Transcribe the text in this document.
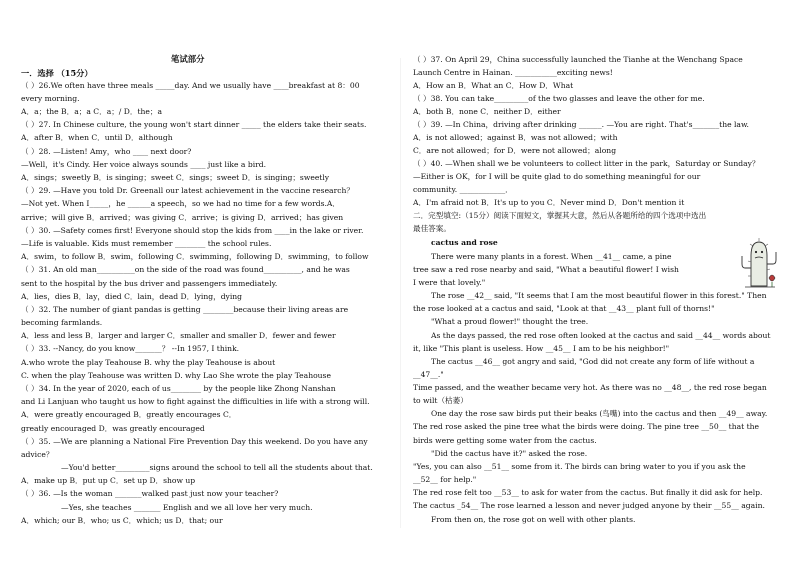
笔试部分
一．选择 （15分）
（ ）26.We often have three meals _____day. And we usually have ____breakfast at 8：00
every morning.
A．a；the B．a；a C．a；/ D．the；a
（ ）27. In Chinese culture, the young won't start dinner _____ the elders take their seats.
A．after B．when C．until D．although
（ ）28. —Listen! Amy，who ____ next door?
—Well，it's Cindy. Her voice always sounds ____ just like a bird.
A．sings；sweetly B．is singing；sweet C．sings；sweet D．is singing；sweetly
（ ）29. —Have you told Dr. Greenall our latest achievement in the vaccine research？
—Not yet. When I_____，he ______a speech，so we had no time for a few words.A．
arrive；will give B．arrived；was giving C．arrive；is giving D．arrived；has given
（ ）30. —Safety comes first! Everyone should stop the kids from ____in the lake or river.
—Life is valuable. Kids must remember ________ the school rules.
A．swim，to follow B．swim，following C．swimming，following D．swimming，to follow
（ ）31. An old man__________on the side of the road was found__________, and he was
sent to the hospital by the bus driver and passengers immediately.
A．lies，dies B．lay，died C．lain，dead D．lying，dying
（ ）32. The number of giant pandas is getting ________because their living areas are
becoming farmlands.
A．less and less B．larger and larger C．smaller and smaller D．fewer and fewer
（ ）33. --Nancy, do you know_______？ --In 1957, I think.
A.who wrote the play Teahouse B. why the play Teahouse is about
C. when the play Teahouse was written D. why Lao She wrote the play Teahouse
（ ）34. In the year of 2020, each of us________ by the people like Zhong Nanshan
and Li Lanjuan who taught us how to fight against the difficulties in life with a strong will.
A．were greatly encouraged B．greatly encourages C．
greatly encouraged D．was greatly encouraged
（ ）35. —We are planning a National Fire Prevention Day this weekend. Do you have any
advice？
—You'd better_________signs around the school to tell all the students about that.
A．make up B．put up C．set up D．show up
（ ）36. —Is the woman _______walked past just now your teacher?
—Yes, she teaches _______ English and we all love her very much.
A．which; our B．who; us C．which; us D．that; our
（ ）37. On April 29，China successfully launched the Tianhe at the Wenchang Space
Launch Centre in Hainan. ___________exciting news!
A．How an B．What an C．How D．What
（ ）38. You can take_________of the two glasses and leave the other for me.
A．both B．none C．neither D．either
（ ）39. —In China，driving after drinking ______. —You are right. That's_______the law.
A．is not allowed；against B．was not allowed；with
C．are not allowed；for D．were not allowed；along
（ ）40. —When shall we be volunteers to collect litter in the park，Saturday or Sunday？
—Either is OK，for I will be quite glad to do something meaningful for our
community. ____________．
A．I'm afraid not B．It's up to you C．Never mind D．Don't mention it
二．完型填空:（15分）阅读下面短文，掌握其大意，然后从各题所给的四个选项中选出
最佳答案。
cactus and rose
There were many plants in a forest. When __41__ came, a pine
tree saw a red rose nearby and said, "What a beautiful flower! I wish
I were that lovely."
The rose __42__ said, "It seems that I am the most beautiful flower in this forest." Then
the rose looked at a cactus and said, "Look at that __43__ plant full of thorns!"
"What a proud flower!" thought the tree.
As the days passed, the red rose often looked at the cactus and said __44__ words about
it, like "This plant is useless. How __45__ I am to be his neighbor!"
The cactus __46__ got angry and said, "God did not create any form of life without a
__47__."
Time passed, and the weather became very hot. As there was no __48__, the red rose began
to wilt（枯萎）
One day the rose saw birds put their beaks (鸟嘴) into the cactus and then __49__ away.
The red rose asked the pine tree what the birds were doing. The pine tree __50__ that the
birds were getting some water from the cactus.
"Did the cactus have it?" asked the rose.
"Yes, you can also __51__ some from it. The birds can bring water to you if you ask the
__52__ for help."
The red rose felt too __53__ to ask for water from the cactus. But finally it did ask for help.
The cactus _54__ The rose learned a lesson and never judged anyone by their __55__ again.
From then on, the rose got on well with other plants.
